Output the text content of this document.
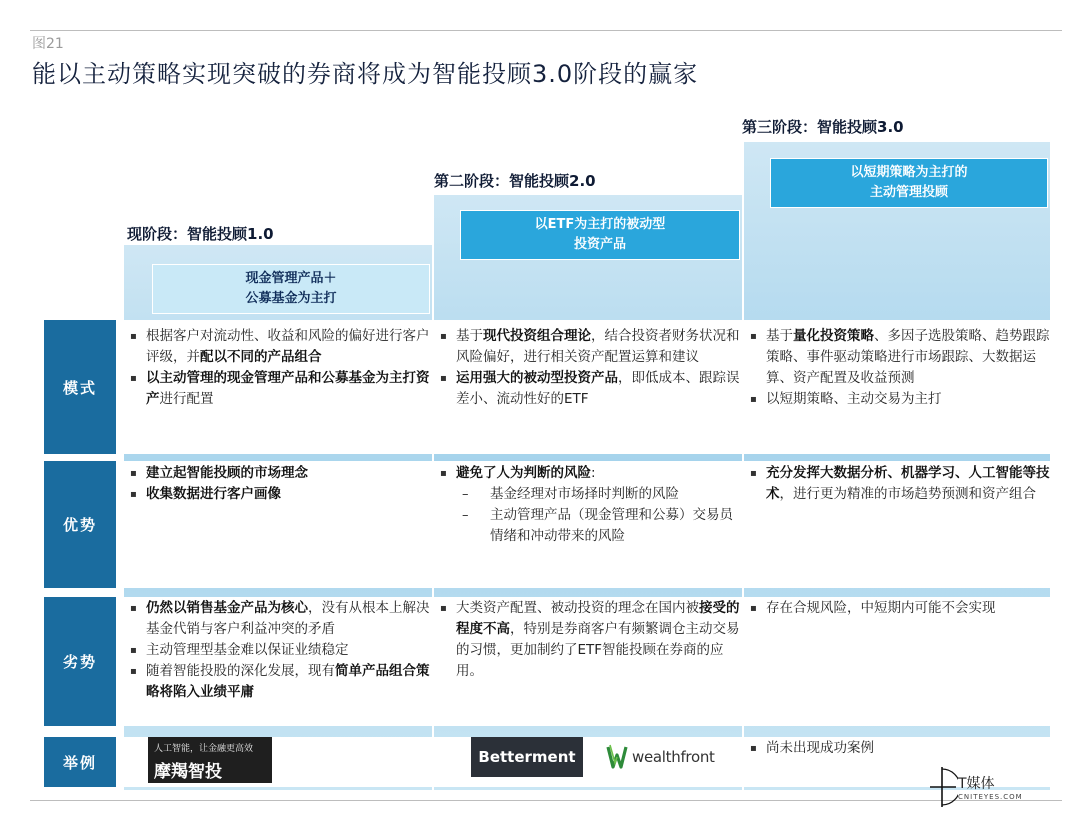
图21
能以主动策略实现突破的券商将成为智能投顾3.0阶段的赢家
现阶段：智能投顾1.0
第二阶段：智能投顾2.0
第三阶段：智能投顾3.0
现金管理产品＋
公募基金为主打
以ETF为主打的被动型
投资产品
以短期策略为主打的
主动管理投顾
模式
优势
劣势
举例
▪ 根据客户对流动性、收益和风险的偏好进行客户评级，并配以不同的产品组合
▪ 以主动管理的现金管理产品和公募基金为主打资产进行配置
▪ 基于现代投资组合理论，结合投资者财务状况和风险偏好，进行相关资产配置运算和建议
▪ 运用强大的被动型投资产品，即低成本、跟踪误差小、流动性好的ETF
▪ 基于量化投资策略、多因子选股策略、趋势跟踪策略、事件驱动策略进行市场跟踪、大数据运算、资产配置及收益预测
▪ 以短期策略、主动交易为主打
▪ 建立起智能投顾的市场理念
▪ 收集数据进行客户画像
▪ 避免了人为判断的风险:
– 基金经理对市场择时判断的风险
– 主动管理产品（现金管理和公募）交易员情绪和冲动带来的风险
▪ 充分发挥大数据分析、机器学习、人工智能等技术，进行更为精准的市场趋势预测和资产组合
▪ 仍然以销售基金产品为核心，没有从根本上解决基金代销与客户利益冲突的矛盾
▪ 主动管理型基金难以保证业绩稳定
▪ 随着智能投股的深化发展，现有简单产品组合策略将陷入业绩平庸
▪ 大类资产配置、被动投资的理念在国内被接受的程度不高，特别是券商客户有频繁调仓主动交易的习惯，更加制约了ETF智能投顾在券商的应用。
▪ 存在合规风险，中短期内可能不会实现
▪ 尚未出现成功案例
人工智能，让金融更高效
摩羯智投
Betterment	wealthfront
T媒体
CNITEYES.COM
